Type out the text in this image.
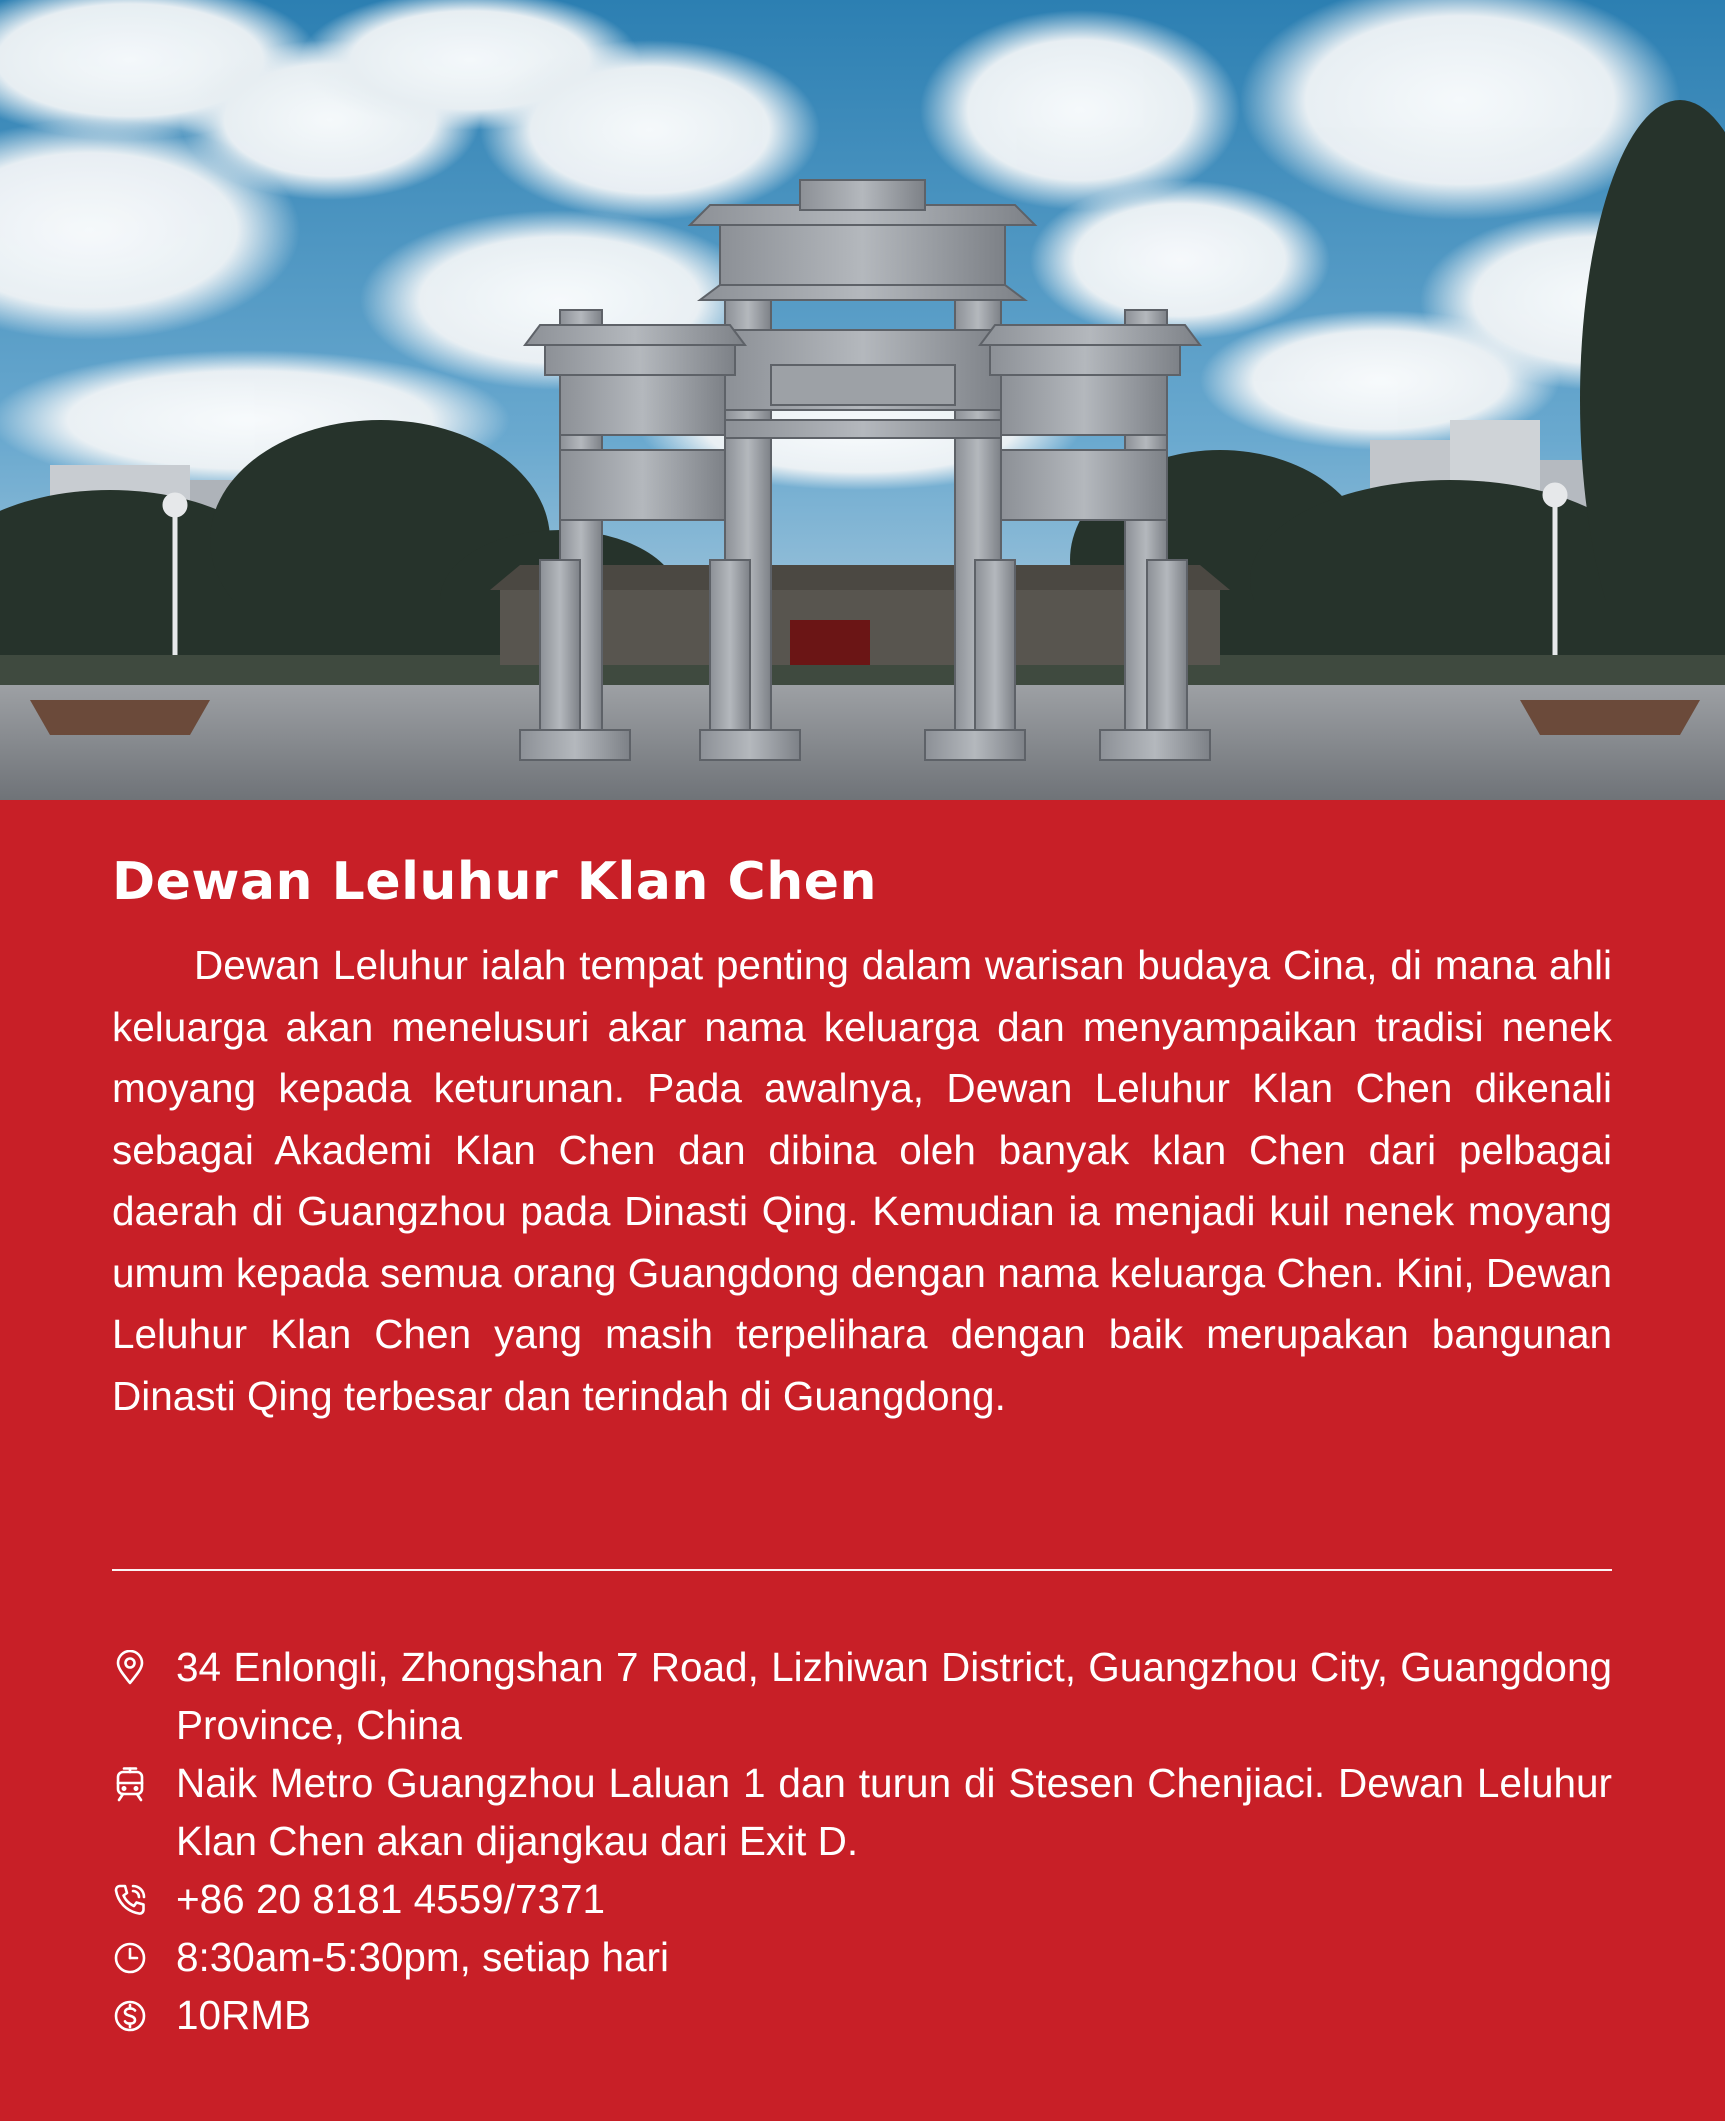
Dewan Leluhur Klan Chen

Dewan Leluhur ialah tempat penting dalam warisan budaya Cina, di mana ahli keluarga akan menelusuri akar nama keluarga dan menyampaikan tradisi nenek moyang kepada keturunan. Pada awalnya, Dewan Leluhur Klan Chen dikenali sebagai Akademi Klan Chen dan dibina oleh banyak klan Chen dari pelbagai daerah di Guangzhou pada Dinasti Qing. Kemudian ia menjadi kuil nenek moyang umum kepada semua orang Guangdong dengan nama keluarga Chen. Kini, Dewan Leluhur Klan Chen yang masih terpelihara dengan baik merupakan bangunan Dinasti Qing terbesar dan terindah di Guangdong.

34 Enlongli, Zhongshan 7 Road, Lizhiwan District, Guangzhou City, Guangdong Province, China
Naik Metro Guangzhou Laluan 1 dan turun di Stesen Chenjiaci. Dewan Leluhur Klan Chen akan dijangkau dari Exit D.
+86 20 8181 4559/7371
8:30am-5:30pm, setiap hari
10RMB
